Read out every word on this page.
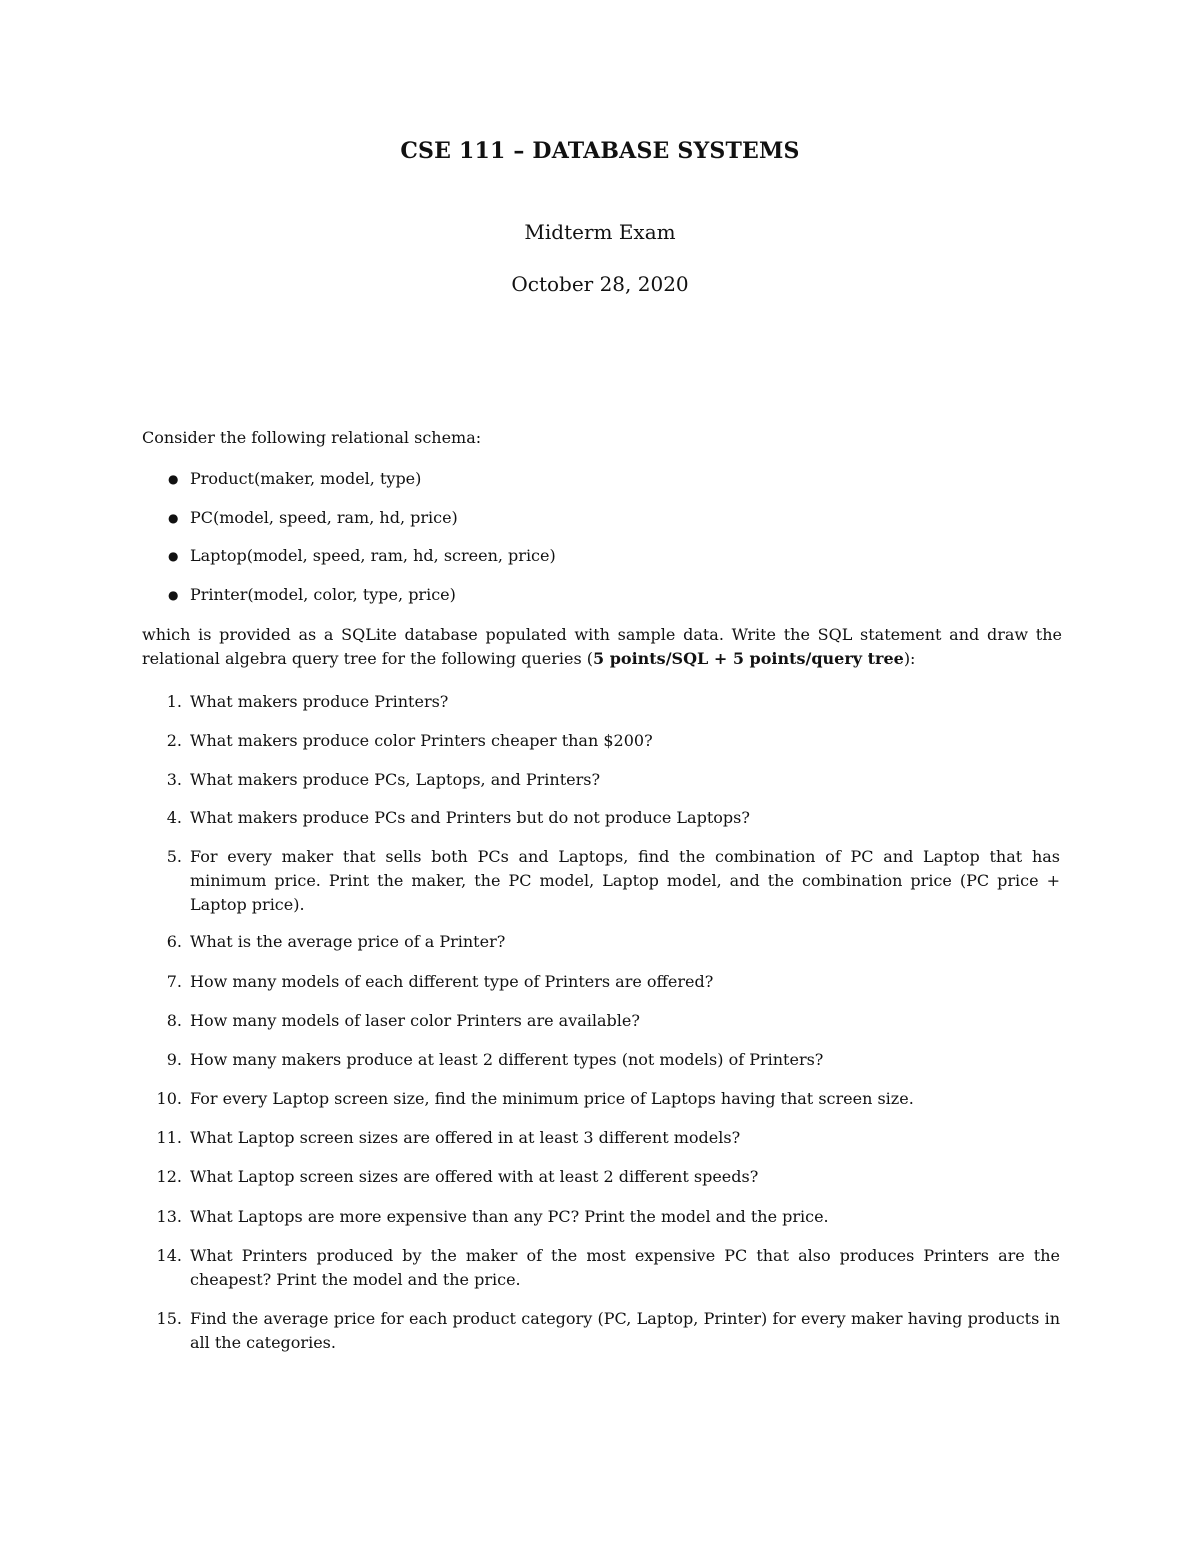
CSE 111 – DATABASE SYSTEMS
Midterm Exam
October 28, 2020
Consider the following relational schema:
● Product(maker, model, type)
● PC(model, speed, ram, hd, price)
● Laptop(model, speed, ram, hd, screen, price)
● Printer(model, color, type, price)
which is provided as a SQLite database populated with sample data. Write the SQL statement and draw the relational algebra query tree for the following queries (5 points/SQL + 5 points/query tree):
1. What makers produce Printers?
2. What makers produce color Printers cheaper than $200?
3. What makers produce PCs, Laptops, and Printers?
4. What makers produce PCs and Printers but do not produce Laptops?
5. For every maker that sells both PCs and Laptops, find the combination of PC and Laptop that has minimum price. Print the maker, the PC model, Laptop model, and the combination price (PC price + Laptop price).
6. What is the average price of a Printer?
7. How many models of each different type of Printers are offered?
8. How many models of laser color Printers are available?
9. How many makers produce at least 2 different types (not models) of Printers?
10. For every Laptop screen size, find the minimum price of Laptops having that screen size.
11. What Laptop screen sizes are offered in at least 3 different models?
12. What Laptop screen sizes are offered with at least 2 different speeds?
13. What Laptops are more expensive than any PC? Print the model and the price.
14. What Printers produced by the maker of the most expensive PC that also produces Printers are the cheapest? Print the model and the price.
15. Find the average price for each product category (PC, Laptop, Printer) for every maker having products in all the categories.
